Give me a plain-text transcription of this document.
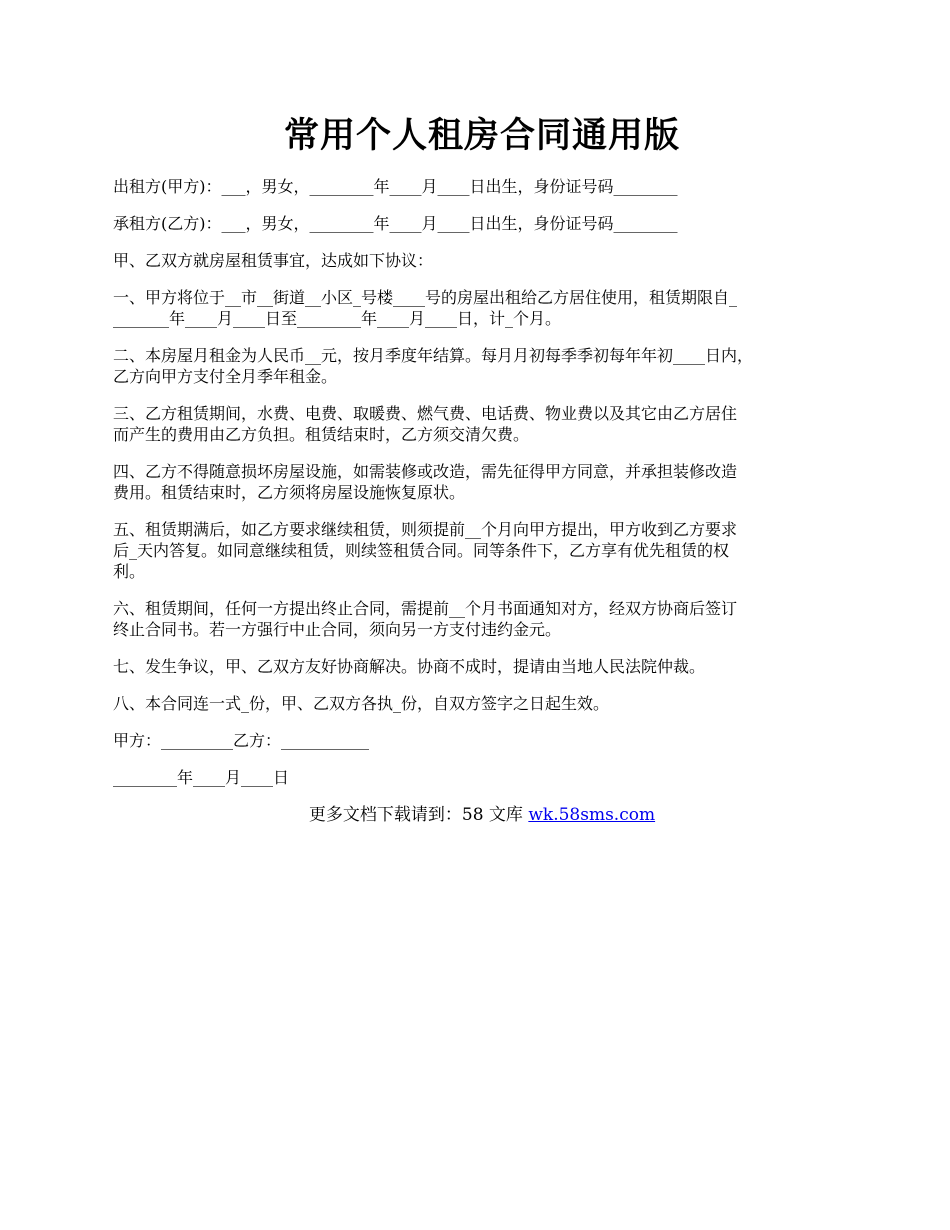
常用个人租房合同通用版

出租方(甲方)：___，男女，________年____月____日出生，身份证号码________

承租方(乙方)：___，男女，________年____月____日出生，身份证号码________

甲、乙双方就房屋租赁事宜，达成如下协议：

一、甲方将位于__市__街道__小区_号楼____号的房屋出租给乙方居住使用，租赁期限自_
_______年____月____日至________年____月____日，计_个月。

二、本房屋月租金为人民币__元，按月季度年结算。每月月初每季季初每年年初____日内，
乙方向甲方支付全月季年租金。

三、乙方租赁期间，水费、电费、取暖费、燃气费、电话费、物业费以及其它由乙方居住
而产生的费用由乙方负担。租赁结束时，乙方须交清欠费。

四、乙方不得随意损坏房屋设施，如需装修或改造，需先征得甲方同意，并承担装修改造
费用。租赁结束时，乙方须将房屋设施恢复原状。

五、租赁期满后，如乙方要求继续租赁，则须提前__个月向甲方提出，甲方收到乙方要求
后_天内答复。如同意继续租赁，则续签租赁合同。同等条件下，乙方享有优先租赁的权
利。

六、租赁期间，任何一方提出终止合同，需提前__个月书面通知对方，经双方协商后签订
终止合同书。若一方强行中止合同，须向另一方支付违约金元。

七、发生争议，甲、乙双方友好协商解决。协商不成时，提请由当地人民法院仲裁。

八、本合同连一式_份，甲、乙双方各执_份，自双方签字之日起生效。

甲方：_________乙方：___________

________年____月____日

更多文档下载请到：58 文库 wk.58sms.com
